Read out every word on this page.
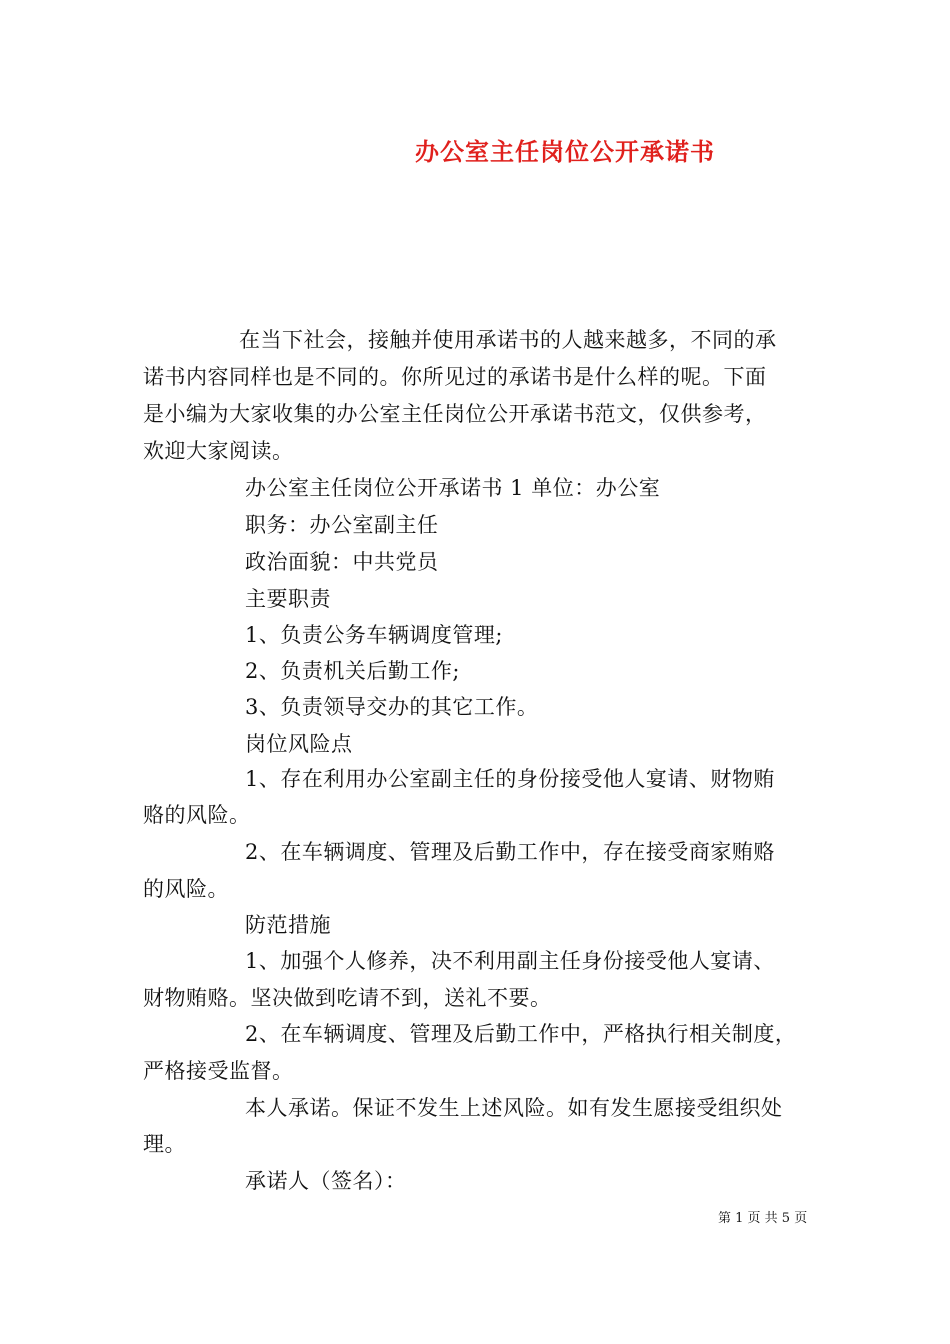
办公室主任岗位公开承诺书
在当下社会，接触并使用承诺书的人越来越多，不同的承
诺书内容同样也是不同的。你所见过的承诺书是什么样的呢。下面
是小编为大家收集的办公室主任岗位公开承诺书范文，仅供参考，
欢迎大家阅读。
办公室主任岗位公开承诺书 1 单位：办公室
职务：办公室副主任
政治面貌：中共党员
主要职责
1、负责公务车辆调度管理;
2、负责机关后勤工作;
3、负责领导交办的其它工作。
岗位风险点
1、存在利用办公室副主任的身份接受他人宴请、财物贿
赂的风险。
2、在车辆调度、管理及后勤工作中，存在接受商家贿赂
的风险。
防范措施
1、加强个人修养，决不利用副主任身份接受他人宴请、
财物贿赂。坚决做到吃请不到，送礼不要。
2、在车辆调度、管理及后勤工作中，严格执行相关制度，
严格接受监督。
本人承诺。保证不发生上述风险。如有发生愿接受组织处
理。
承诺人（签名）：
第 1 页 共 5 页
